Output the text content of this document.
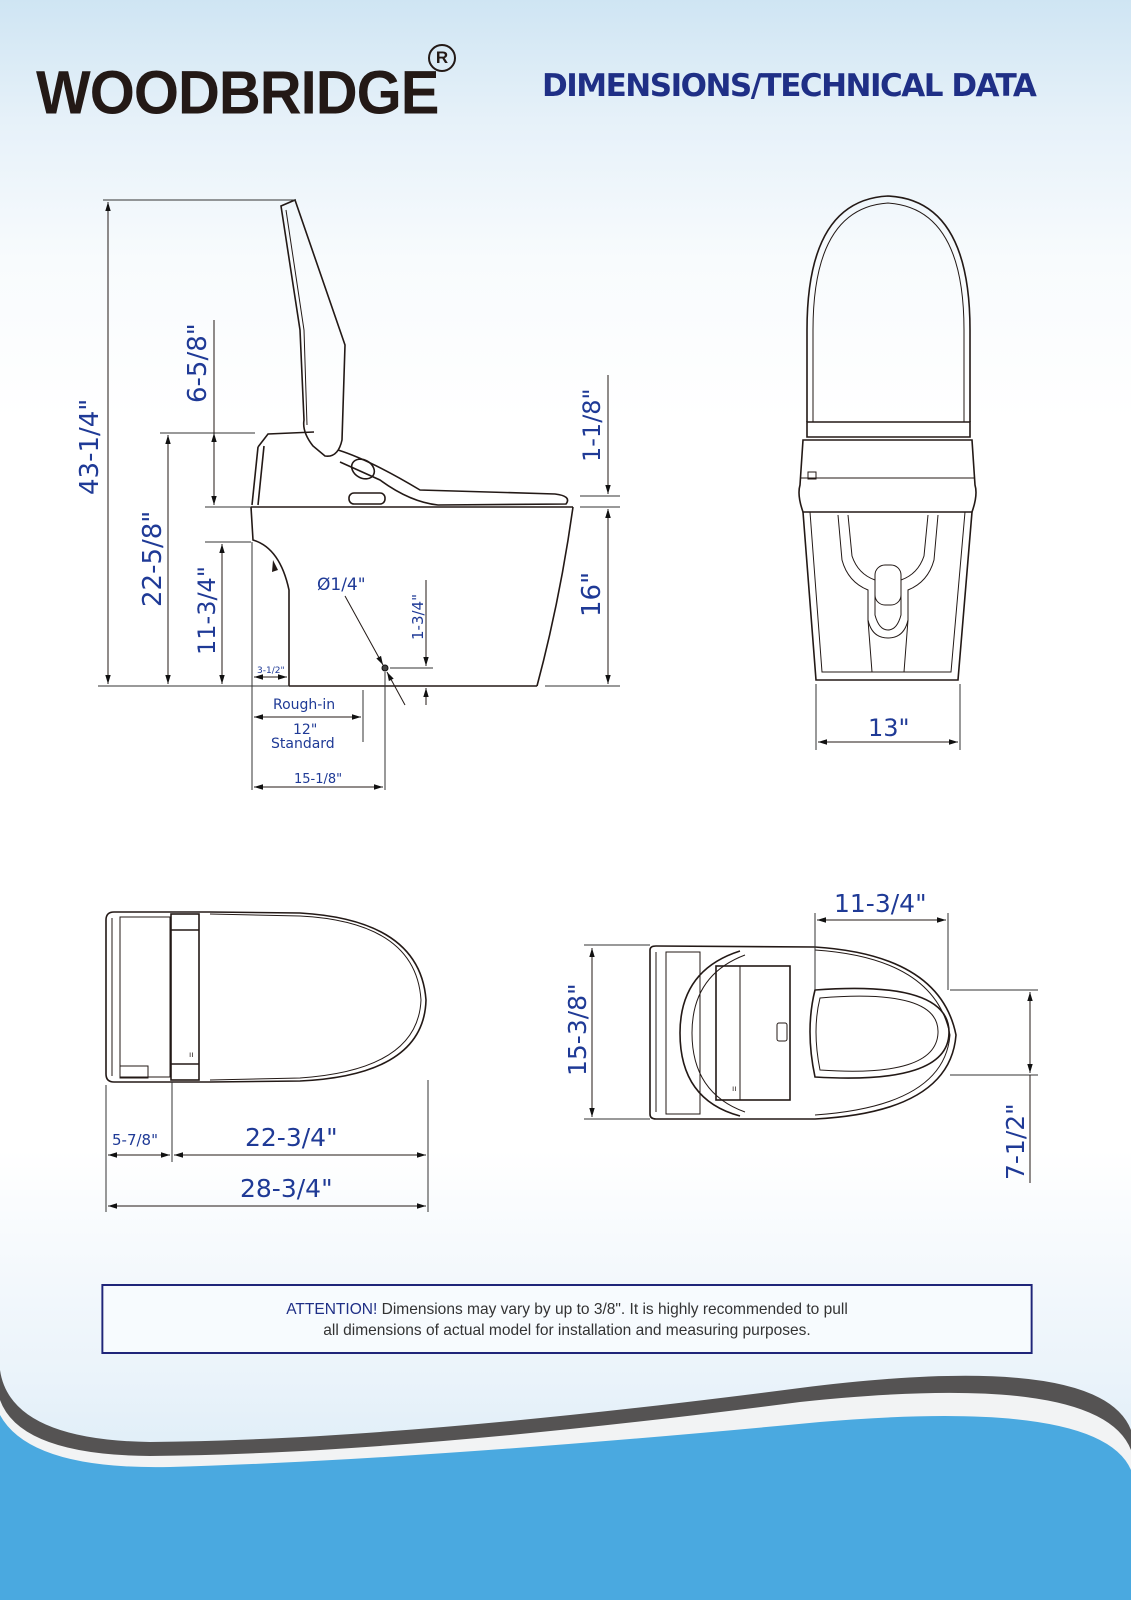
WOODBRIDGE
R
DIMENSIONS/TECHNICAL DATA
43-1/4"
6-5/8"
22-5/8"
11-3/4"
1-1/8"
16"
Ø1/4"
1-3/4"
3-1/2"
Rough-in
12"
Standard
15-1/8"
13"
ıı
5-7/8"	22-3/4"
28-3/4"
ıı
15-3/8"
11-3/4"
7-1/2"
ATTENTION! Dimensions may vary by up to 3/8". It is highly recommended to pull
all dimensions of actual model for installation and measuring purposes.
